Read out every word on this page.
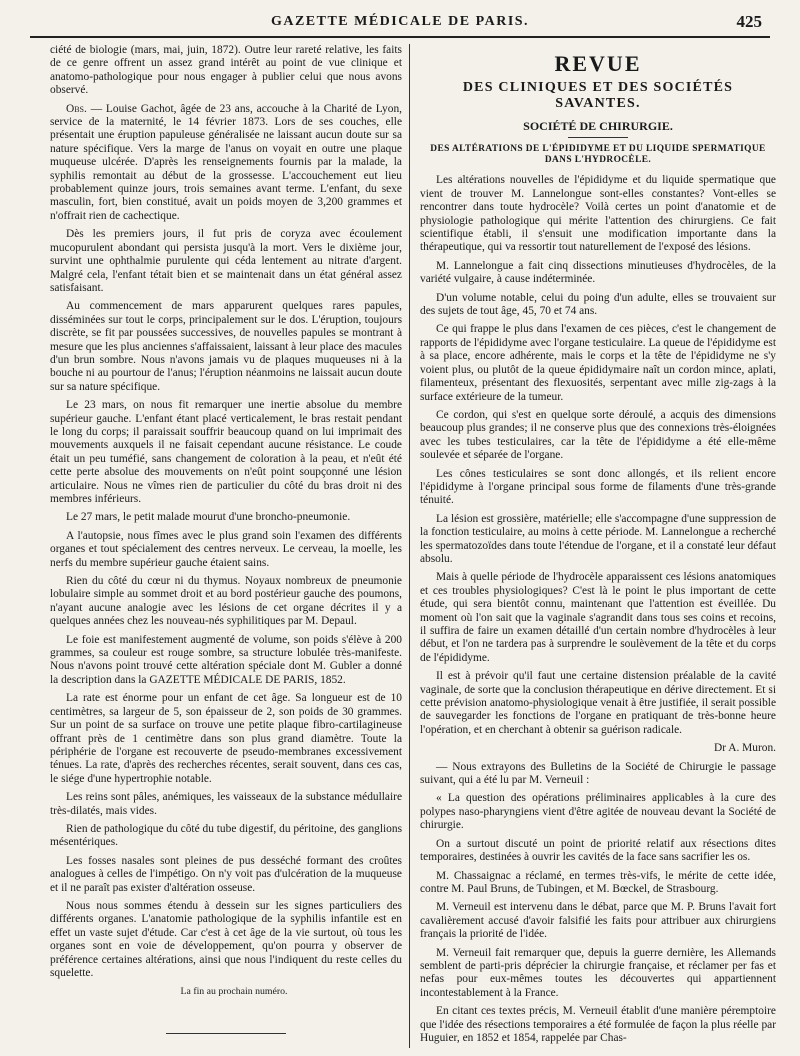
GAZETTE MÉDICALE DE PARIS.	425

ciété de biologie (mars, mai, juin, 1872). Outre leur rareté relative, les faits de ce genre offrent un assez grand intérêt au point de vue clinique et anatomo-pathologique pour nous engager à publier celui que nous avons observé.

Obs. — Louise Gachot, âgée de 23 ans, accouche à la Charité de Lyon, service de la maternité, le 14 février 1873. Lors de ses couches, elle présentait une éruption papuleuse généralisée ne laissant aucun doute sur sa nature spécifique. Vers la marge de l'anus on voyait en outre une plaque muqueuse ulcérée. D'après les renseignements fournis par la malade, la syphilis remontait au début de la grossesse. L'accouchement eut lieu probablement quinze jours, trois semaines avant terme. L'enfant, du sexe masculin, fort, bien constitué, avait un poids moyen de 3,200 grammes et n'offrait rien de cachectique.

Dès les premiers jours, il fut pris de coryza avec écoulement mucopurulent abondant qui persista jusqu'à la mort. Vers le dixième jour, survint une ophthalmie purulente qui céda lentement au nitrate d'argent. Malgré cela, l'enfant tétait bien et se maintenait dans un état général assez satisfaisant.

Au commencement de mars apparurent quelques rares papules, disséminées sur tout le corps, principalement sur le dos. L'éruption, toujours discrète, se fit par poussées successives, de nouvelles papules se montrant à mesure que les plus anciennes s'affaissaient, laissant à leur place des macules d'un brun sombre. Nous n'avons jamais vu de plaques muqueuses ni à la bouche ni au pourtour de l'anus; l'éruption néanmoins ne laissait aucun doute sur sa nature spécifique.

Le 23 mars, on nous fit remarquer une inertie absolue du membre supérieur gauche. L'enfant étant placé verticalement, le bras restait pendant le long du corps; il paraissait souffrir beaucoup quand on lui imprimait des mouvements auxquels il ne faisait cependant aucune résistance. Le coude était un peu tuméfié, sans changement de coloration à la peau, et n'eût été cette perte absolue des mouvements on n'eût point soupçonné une lésion articulaire. Nous ne vîmes rien de particulier du côté du bras droit ni des membres inférieurs.

Le 27 mars, le petit malade mourut d'une broncho-pneumonie.

A l'autopsie, nous fîmes avec le plus grand soin l'examen des différents organes et tout spécialement des centres nerveux. Le cerveau, la moelle, les nerfs du membre supérieur gauche étaient sains.

Rien du côté du cœur ni du thymus. Noyaux nombreux de pneumonie lobulaire simple au sommet droit et au bord postérieur gauche des poumons, n'ayant aucune analogie avec les lésions de cet organe décrites il y a quelques années chez les nouveau-nés syphilitiques par M. Depaul.

Le foie est manifestement augmenté de volume, son poids s'élève à 200 grammes, sa couleur est rouge sombre, sa structure lobulée très-manifeste. Nous n'avons point trouvé cette altération spéciale dont M. Gubler a donné la description dans la GAZETTE MÉDICALE DE PARIS, 1852.

La rate est énorme pour un enfant de cet âge. Sa longueur est de 10 centimètres, sa largeur de 5, son épaisseur de 2, son poids de 30 grammes. Sur un point de sa surface on trouve une petite plaque fibro-cartilagineuse offrant près de 1 centimètre dans son plus grand diamètre. Toute la périphérie de l'organe est recouverte de pseudo-membranes excessivement ténues. La rate, d'après des recherches récentes, serait souvent, dans ces cas, le siége d'une hypertrophie notable.

Les reins sont pâles, anémiques, les vaisseaux de la substance médullaire très-dilatés, mais vides.

Rien de pathologique du côté du tube digestif, du péritoine, des ganglions mésentériques.

Les fosses nasales sont pleines de pus desséché formant des croûtes analogues à celles de l'impétigo. On n'y voit pas d'ulcération de la muqueuse et il ne paraît pas exister d'altération osseuse.

Nous nous sommes étendu à dessein sur les signes particuliers des différents organes. L'anatomie pathologique de la syphilis infantile est en effet un vaste sujet d'étude. Car c'est à cet âge de la vie surtout, où tous les organes sont en voie de développement, qu'on pourra y observer de préférence certaines altérations, ainsi que nous l'indiquent du reste celles du squelette.

La fin au prochain numéro.

REVUE
DES CLINIQUES ET DES SOCIÉTÉS SAVANTES.
SOCIÉTÉ DE CHIRURGIE.
DES ALTÉRATIONS DE L'ÉPIDIDYME ET DU LIQUIDE SPERMATIQUE DANS L'HYDROCÈLE.

Les altérations nouvelles de l'épididyme et du liquide spermatique que vient de trouver M. Lannelongue sont-elles constantes? Vont-elles se rencontrer dans toute hydrocèle? Voilà certes un point d'anatomie et de physiologie pathologique qui mérite l'attention des chirurgiens. Ce fait scientifique établi, il s'ensuit une modification importante dans la thérapeutique, qui va ressortir tout naturellement de l'exposé des lésions.

M. Lannelongue a fait cinq dissections minutieuses d'hydrocèles, de la variété vulgaire, à cause indéterminée.

D'un volume notable, celui du poing d'un adulte, elles se trouvaient sur des sujets de tout âge, 45, 70 et 74 ans.

Ce qui frappe le plus dans l'examen de ces pièces, c'est le changement de rapports de l'épididyme avec l'organe testiculaire. La queue de l'épididyme est à sa place, encore adhérente, mais le corps et la tête de l'épididyme ne s'y voient plus, ou plutôt de la queue épididymaire naît un cordon mince, aplati, filamenteux, présentant des flexuosités, serpentant avec mille zig-zags à la surface extérieure de la tumeur.

Ce cordon, qui s'est en quelque sorte déroulé, a acquis des dimensions beaucoup plus grandes; il ne conserve plus que des connexions très-éloignées avec les tubes testiculaires, car la tête de l'épididyme a été elle-même soulevée et séparée de l'organe.

Les cônes testiculaires se sont donc allongés, et ils relient encore l'épididyme à l'organe principal sous forme de filaments d'une très-grande ténuité.

La lésion est grossière, matérielle; elle s'accompagne d'une suppression de la fonction testiculaire, au moins à cette période. M. Lannelongue a recherché les spermatozoïdes dans toute l'étendue de l'organe, et il a constaté leur défaut absolu.

Mais à quelle période de l'hydrocèle apparaissent ces lésions anatomiques et ces troubles physiologiques? C'est là le point le plus important de cette étude, qui sera bientôt connu, maintenant que l'attention est éveillée. Du moment où l'on sait que la vaginale s'agrandit dans tous ses coins et recoins, il suffira de faire un examen détaillé d'un certain nombre d'hydrocèles à leur début, et l'on ne tardera pas à surprendre le soulèvement de la tête et du corps de l'épididyme.

Il est à prévoir qu'il faut une certaine distension préalable de la cavité vaginale, de sorte que la conclusion thérapeutique en dérive directement. Et si cette prévision anatomo-physiologique venait à être justifiée, il serait possible de sauvegarder les fonctions de l'organe en pratiquant de très-bonne heure l'opération, et en cherchant à obtenir sa guérison radicale.

Dr A. Muron.

— Nous extrayons des Bulletins de la Société de Chirurgie le passage suivant, qui a été lu par M. Verneuil :

« La question des opérations préliminaires applicables à la cure des polypes naso-pharyngiens vient d'être agitée de nouveau devant la Société de chirurgie.

On a surtout discuté un point de priorité relatif aux résections dites temporaires, destinées à ouvrir les cavités de la face sans sacrifier les os.

M. Chassaignac a réclamé, en termes très-vifs, le mérite de cette idée, contre M. Paul Bruns, de Tubingen, et M. Bœckel, de Strasbourg.

M. Verneuil est intervenu dans le débat, parce que M. P. Bruns l'avait fort cavalièrement accusé d'avoir falsifié les faits pour attribuer aux chirurgiens français la priorité de l'idée.

M. Verneuil fait remarquer que, depuis la guerre dernière, les Allemands semblent de parti-pris déprécier la chirurgie française, et réclamer per fas et nefas pour eux-mêmes toutes les découvertes qui appartiennent incontestablement à la France.

En citant ces textes précis, M. Verneuil établit d'une manière péremptoire que l'idée des résections temporaires a été formulée de façon la plus réelle par Huguier, en 1852 et 1854, rappelée par Chas-
